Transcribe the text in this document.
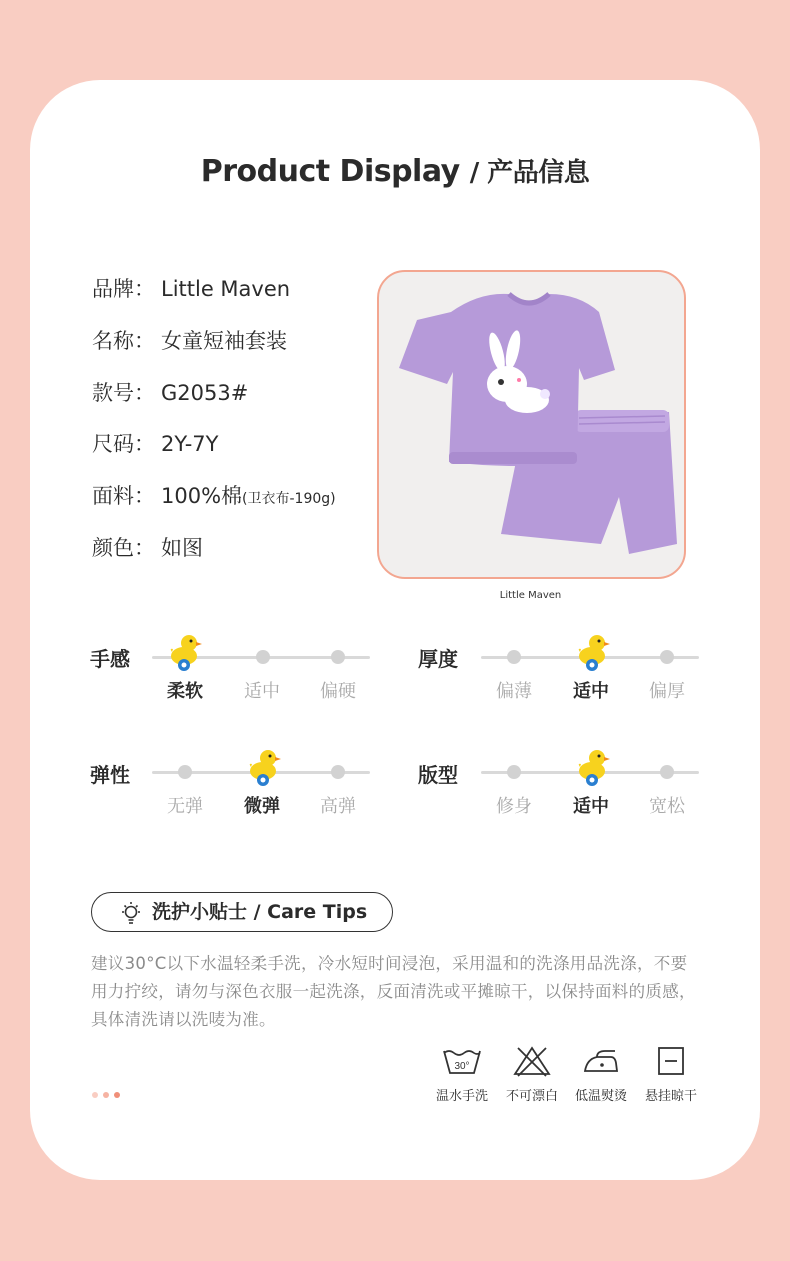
Product Display / 产品信息
品牌： Little Maven
名称： 女童短袖套装
款号： G2053#
尺码： 2Y-7Y
面料： 100%棉(卫衣布-190g)
颜色： 如图
Little Maven
手感
柔软	适中	偏硬
厚度
偏薄	适中	偏厚
弹性
无弹	微弹	高弹
版型
修身	适中	宽松
洗护小贴士 / Care Tips
建议30°C以下水温轻柔手洗，冷水短时间浸泡，采用温和的洗涤用品洗涤，不要用力拧绞，请勿与深色衣服一起洗涤，反面清洗或平摊晾干，以保持面料的质感，具体清洗请以洗唛为准。
30°
温水手洗	不可漂白	低温熨烫	悬挂晾干
